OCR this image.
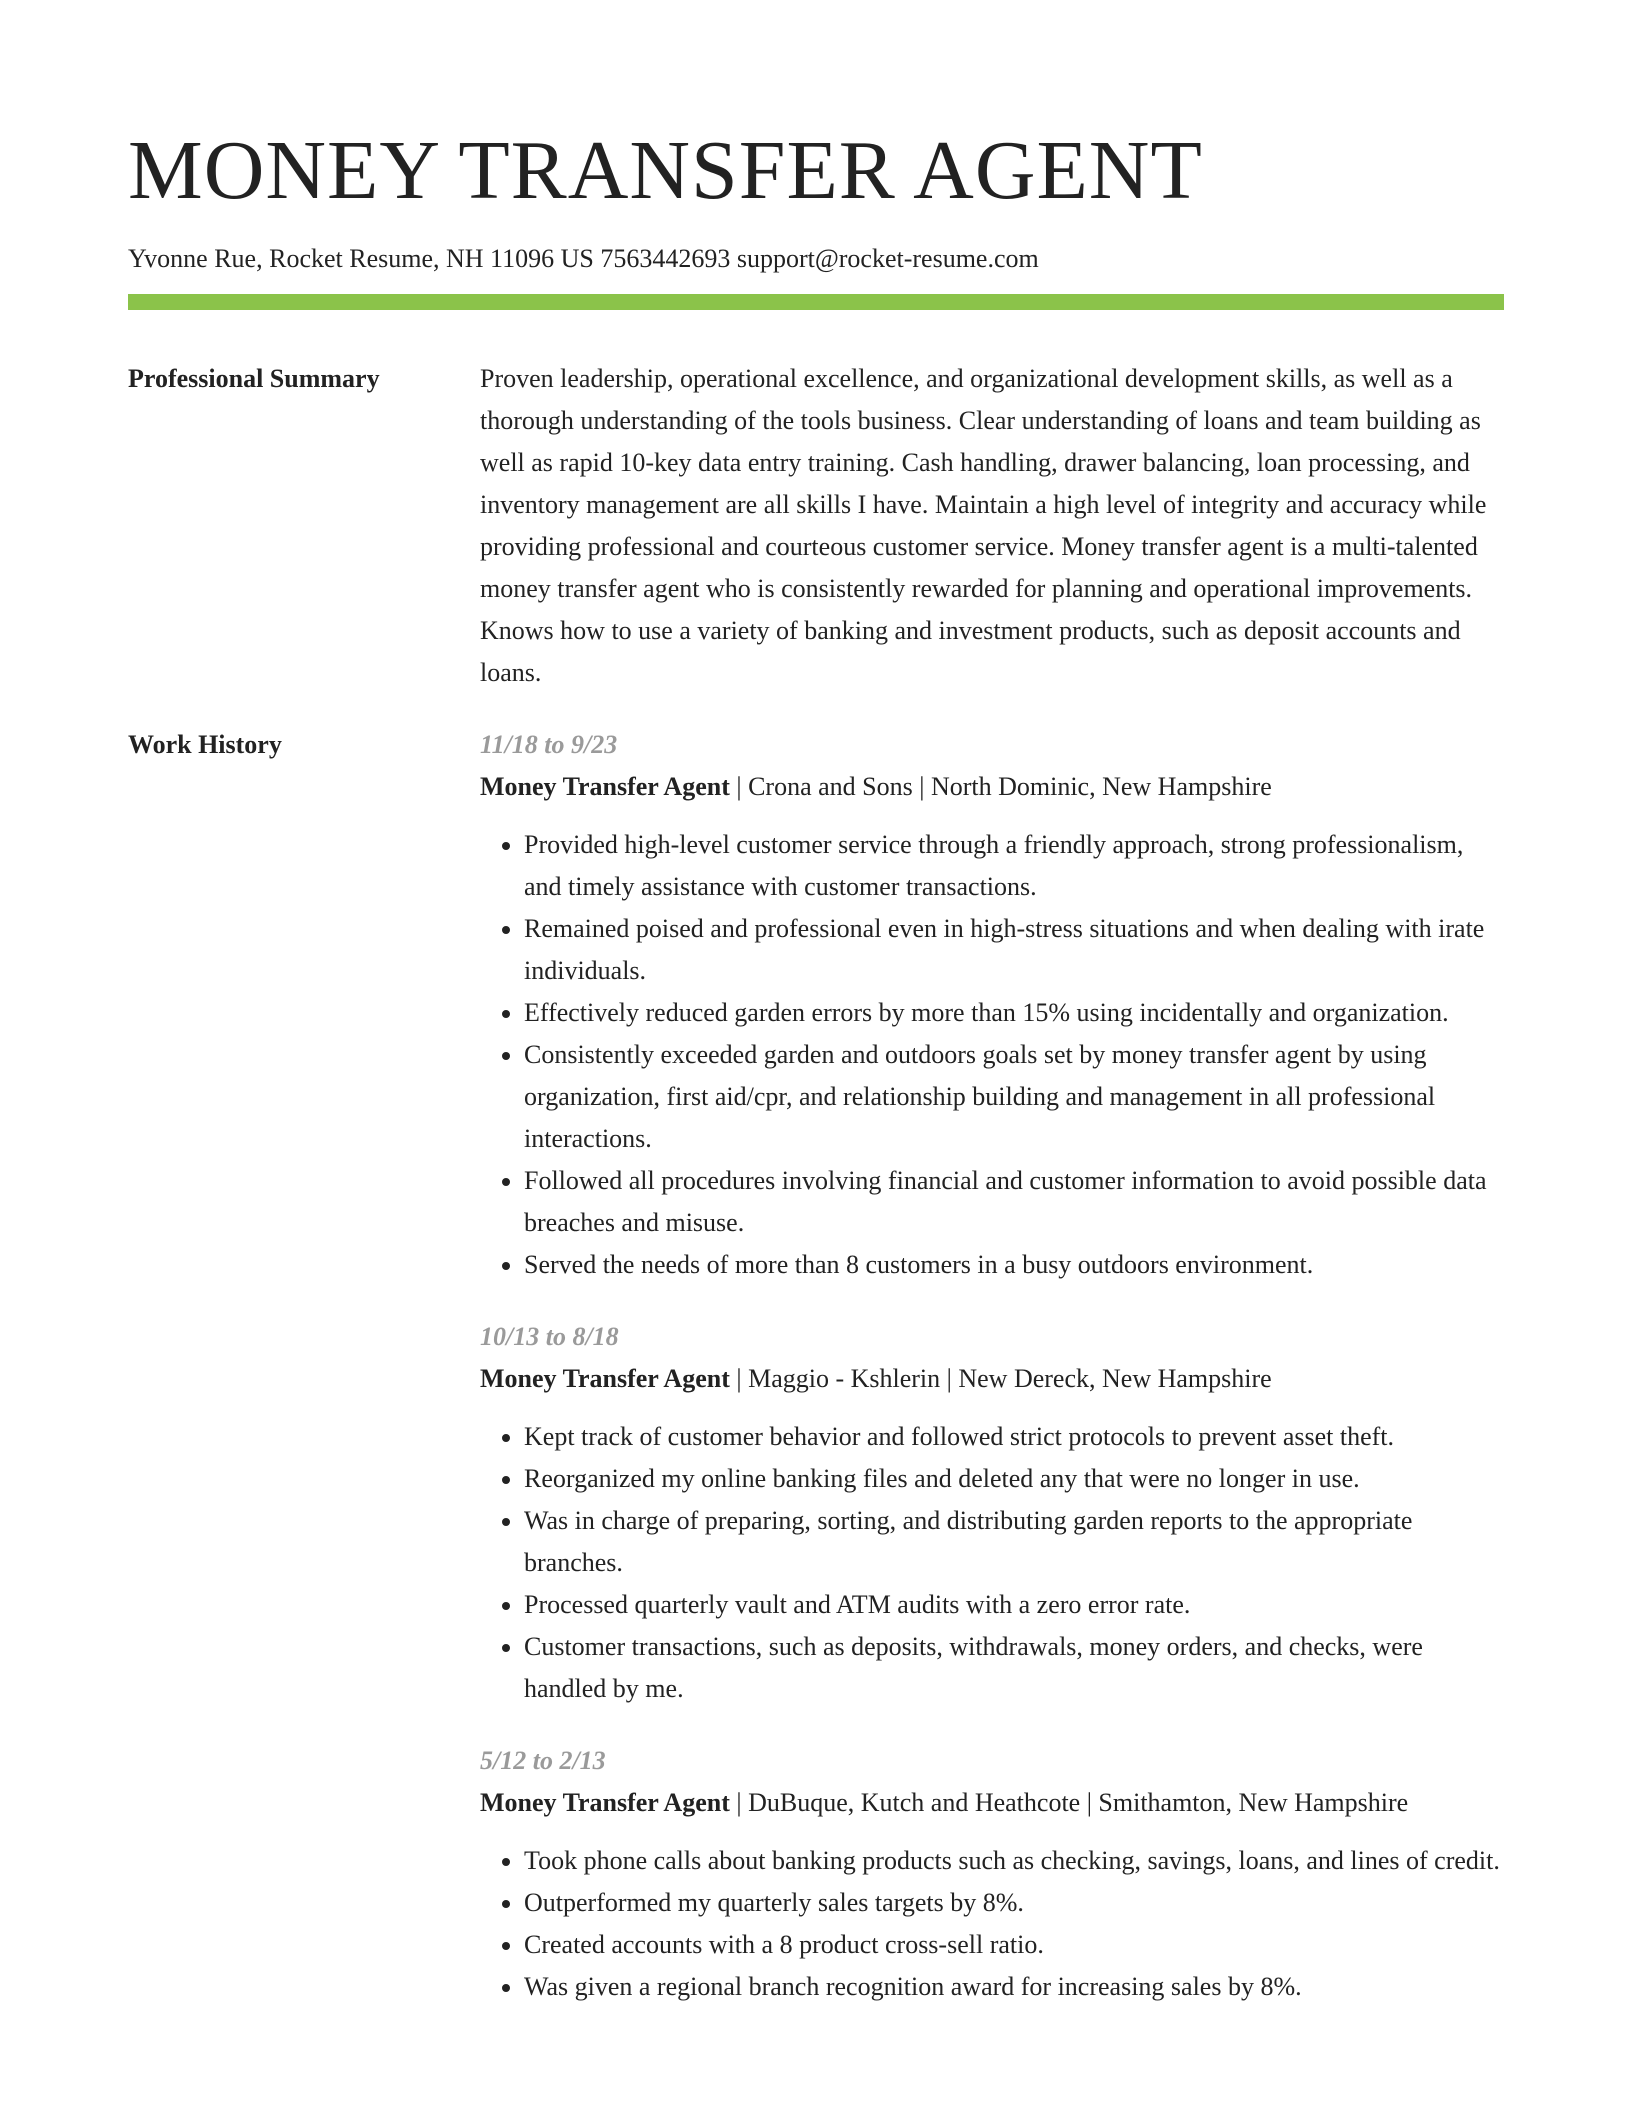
MONEY TRANSFER AGENT
Yvonne Rue, Rocket Resume, NH 11096 US 7563442693 support@rocket-resume.com
Professional Summary	Proven leadership, operational excellence, and organizational development skills, as well as a thorough understanding of the tools business. Clear understanding of loans and team building as well as rapid 10-key data entry training. Cash handling, drawer balancing, loan processing, and inventory management are all skills I have. Maintain a high level of integrity and accuracy while providing professional and courteous customer service. Money transfer agent is a multi-talented money transfer agent who is consistently rewarded for planning and operational improvements. Knows how to use a variety of banking and investment products, such as deposit accounts and loans.

Work History	11/18 to 9/23
Money Transfer Agent | Crona and Sons | North Dominic, New Hampshire
• Provided high-level customer service through a friendly approach, strong professionalism, and timely assistance with customer transactions.
• Remained poised and professional even in high-stress situations and when dealing with irate individuals.
• Effectively reduced garden errors by more than 15% using incidentally and organization.
• Consistently exceeded garden and outdoors goals set by money transfer agent by using organization, first aid/cpr, and relationship building and management in all professional interactions.
• Followed all procedures involving financial and customer information to avoid possible data breaches and misuse.
• Served the needs of more than 8 customers in a busy outdoors environment.
10/13 to 8/18
Money Transfer Agent | Maggio - Kshlerin | New Dereck, New Hampshire
• Kept track of customer behavior and followed strict protocols to prevent asset theft.
• Reorganized my online banking files and deleted any that were no longer in use.
• Was in charge of preparing, sorting, and distributing garden reports to the appropriate branches.
• Processed quarterly vault and ATM audits with a zero error rate.
• Customer transactions, such as deposits, withdrawals, money orders, and checks, were handled by me.
5/12 to 2/13
Money Transfer Agent | DuBuque, Kutch and Heathcote | Smithamton, New Hampshire
• Took phone calls about banking products such as checking, savings, loans, and lines of credit.
• Outperformed my quarterly sales targets by 8%.
• Created accounts with a 8 product cross-sell ratio.
• Was given a regional branch recognition award for increasing sales by 8%.
